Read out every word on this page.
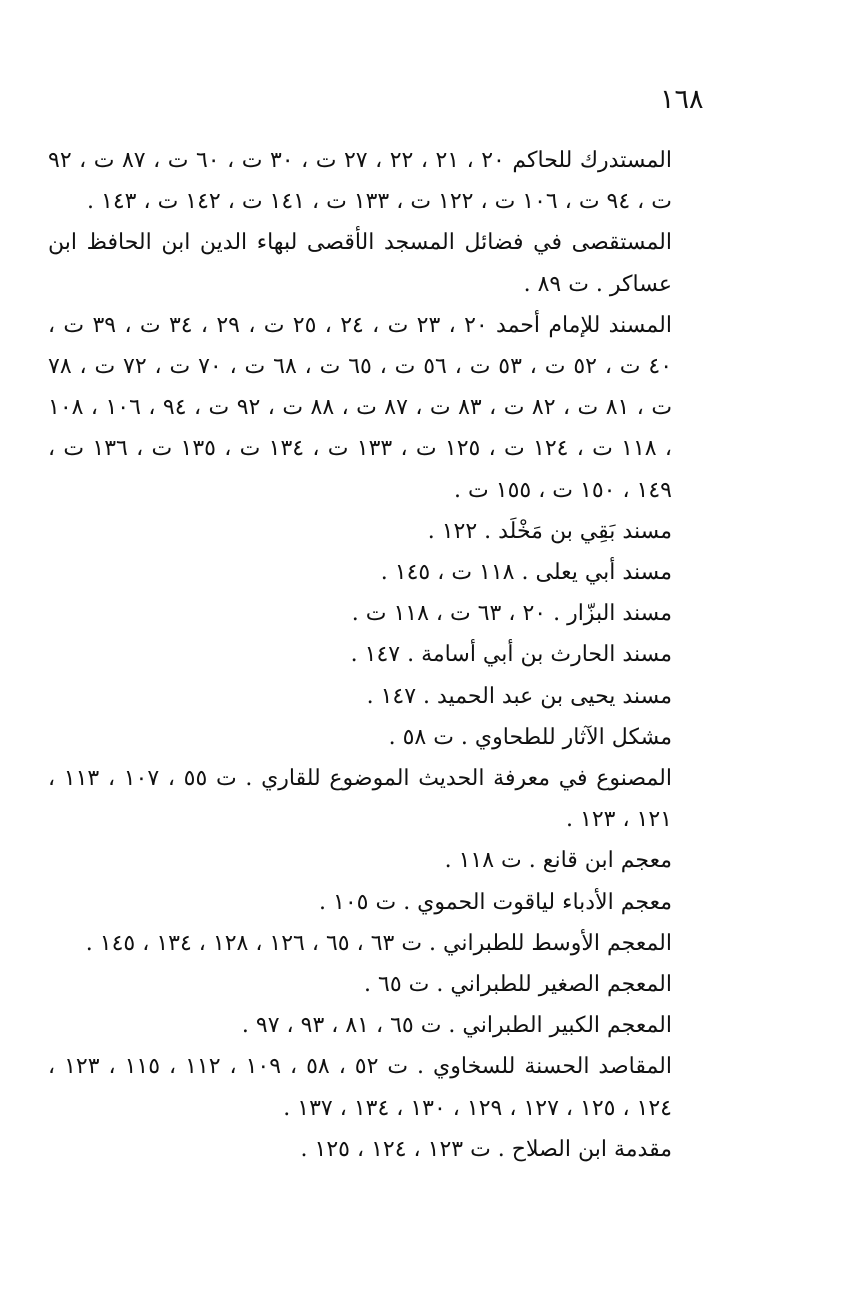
١٦٨

المستدرك للحاكم ٢٠ ، ٢١ ، ٢٢ ، ٢٧ ت ، ٣٠ ت ، ٦٠ ت ، ٨٧ ت ، ٩٢ ت ، ٩٤ ت ، ١٠٦ ت ، ١٢٢ ت ، ١٣٣ ت ، ١٤١ ت ، ١٤٢ ت ، ١٤٣ .

المستقصى في فضائل المسجد الأقصى لبهاء الدين ابن الحافظ ابن عساكر . ت ٨٩ .

المسند للإمام أحمد ٢٠ ، ٢٣ ت ، ٢٤ ، ٢٥ ت ، ٢٩ ، ٣٤ ت ، ٣٩ ت ، ٤٠ ت ، ٥٢ ت ، ٥٣ ت ، ٥٦ ت ، ٦٥ ت ، ٦٨ ت ، ٧٠ ت ، ٧٢ ت ، ٧٨ ت ، ٨١ ت ، ٨٢ ت ، ٨٣ ت ، ٨٧ ت ، ٨٨ ت ، ٩٢ ت ، ٩٤ ، ١٠٦ ، ١٠٨ ، ١١٨ ت ، ١٢٤ ت ، ١٢٥ ت ، ١٣٣ ت ، ١٣٤ ت ، ١٣٥ ت ، ١٣٦ ت ، ١٤٩ ، ١٥٠ ت ، ١٥٥ ت .

مسند بَقِي بن مَخْلَد . ١٢٢ .

مسند أبي يعلى . ١١٨ ت ، ١٤٥ .

مسند البزّار . ٢٠ ، ٦٣ ت ، ١١٨ ت .

مسند الحارث بن أبي أسامة . ١٤٧ .

مسند يحيى بن عبد الحميد . ١٤٧ .

مشكل الآثار للطحاوي . ت ٥٨ .

المصنوع في معرفة الحديث الموضوع للقاري . ت ٥٥ ، ١٠٧ ، ١١٣ ، ١٢١ ، ١٢٣ .

معجم ابن قانع . ت ١١٨ .

معجم الأدباء لياقوت الحموي . ت ١٠٥ .

المعجم الأوسط للطبراني . ت ٦٣ ، ٦٥ ، ١٢٦ ، ١٢٨ ، ١٣٤ ، ١٤٥ .

المعجم الصغير للطبراني . ت ٦٥ .

المعجم الكبير الطبراني . ت ٦٥ ، ٨١ ، ٩٣ ، ٩٧ .

المقاصد الحسنة للسخاوي . ت ٥٢ ، ٥٨ ، ١٠٩ ، ١١٢ ، ١١٥ ، ١٢٣ ، ١٢٤ ، ١٢٥ ، ١٢٧ ، ١٢٩ ، ١٣٠ ، ١٣٤ ، ١٣٧ .

مقدمة ابن الصلاح . ت ١٢٣ ، ١٢٤ ، ١٢٥ .
